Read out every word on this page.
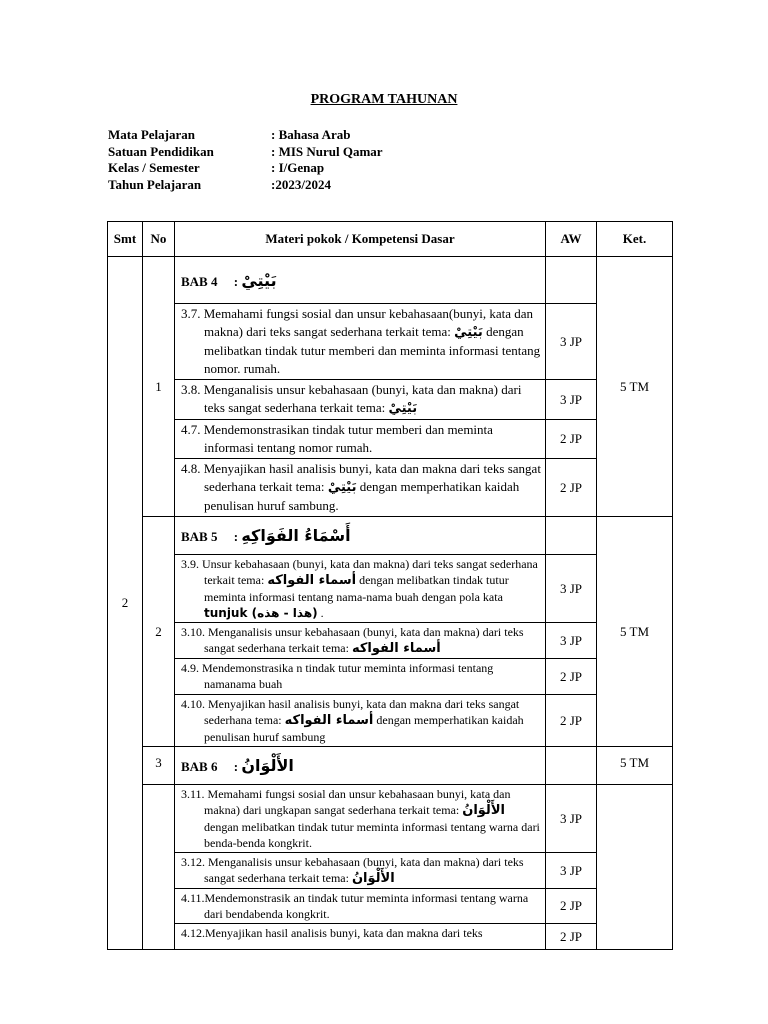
PROGRAM TAHUNAN
Mata Pelajaran	: Bahasa Arab
Satuan Pendidikan	: MIS Nurul Qamar
Kelas / Semester	: I/Genap
Tahun Pelajaran	:2023/2024
Smt	No	Materi pokok / Kompetensi Dasar	AW	Ket.
2	1	BAB 4 : بَيْتِيْ		5 TM

		3.7. Memahami fungsi sosial dan unsur kebahasaan(bunyi, kata dan makna) dari teks sangat sederhana terkait tema: بَيْتِيْ dengan melibatkan tindak tutur memberi dan meminta informasi tentang nomor. rumah.	3 JP	

		3.8. Menganalisis unsur kebahasaan (bunyi, kata dan makna) dari teks sangat sederhana terkait tema: بَيْتِيْ	3 JP	

		4.7. Mendemonstrasikan tindak tutur memberi dan meminta informasi tentang nomor rumah.	2 JP	

		4.8. Menyajikan hasil analisis bunyi, kata dan makna dari teks sangat sederhana terkait tema: بَيْتِيْ dengan memperhatikan kaidah penulisan huruf sambung.	2 JP	
	2	BAB 5 : أَسْمَاءُ الفَوَاكِهِ		5 TM

		3.9. Unsur kebahasaan (bunyi, kata dan makna) dari teks sangat sederhana terkait tema: أسماء الفواكه dengan melibatkan tindak tutur meminta informasi tentang nama-nama buah dengan pola kata tunjuk (هذا - هذه) .	3 JP	

		3.10. Menganalisis unsur kebahasaan (bunyi, kata dan makna) dari teks sangat sederhana terkait tema: أسماء الفواكه	3 JP	

		4.9. Mendemonstrasika n tindak tutur meminta informasi tentang namanama buah	2 JP	

		4.10. Menyajikan hasil analisis bunyi, kata dan makna dari teks sangat sederhana tema: أسماء الفواكه dengan memperhatikan kaidah penulisan huruf sambung	2 JP	
	3	BAB 6 : الأَلْوَانُ		5 TM

		3.11. Memahami fungsi sosial dan unsur kebahasaan bunyi, kata dan makna) dari ungkapan sangat sederhana terkait tema: الأَلْوَانُ dengan melibatkan tindak tutur meminta informasi tentang warna dari benda-benda kongkrit.	3 JP	

		3.12. Menganalisis unsur kebahasaan (bunyi, kata dan makna) dari teks sangat sederhana terkait tema: الأَلْوَانُ	3 JP	

		4.11.Mendemonstrasik an tindak tutur meminta informasi tentang warna dari bendabenda kongkrit.	2 JP	

		4.12.Menyajikan hasil analisis bunyi, kata dan makna dari teks	2 JP	
